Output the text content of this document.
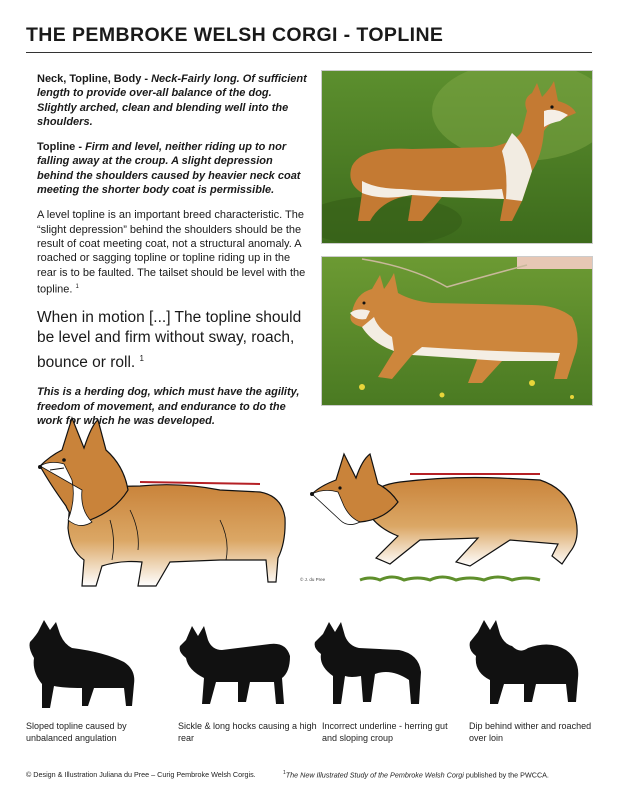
THE PEMBROKE WELSH CORGI - TOPLINE

Neck, Topline, Body - Neck-Fairly long. Of sufficient length to provide over-all balance of the dog. Slightly arched, clean and blending well into the shoulders.

Topline - Firm and level, neither riding up to nor falling away at the croup. A slight depression behind the shoulders caused by heavier neck coat meeting the shorter body coat is permissible.

A level topline is an important breed characteristic. The “slight depression” behind the shoulders should be the result of coat meeting coat, not a structural anomaly. A roached or sagging topline or topline riding up in the rear is to be faulted. The tailset should be level with the topline. $^1$

When in motion [...] The topline should be level and firm without sway, roach, bounce or roll. $^1$

This is a herding dog, which must have the agility, freedom of movement, and endurance to do the work for which he was developed.

© J. du Pree
Sloped topline caused by unbalanced angulation
Sickle & long hocks causing a high rear
Incorrect underline - herring gut and sloping croup
Dip behind wither and roached over loin
© Design & Illustration Juliana du Pree – Curig Pembroke Welsh Corgis.	$^1$The New Illustrated Study of the Pembroke Welsh Corgi published by the PWCCA.
